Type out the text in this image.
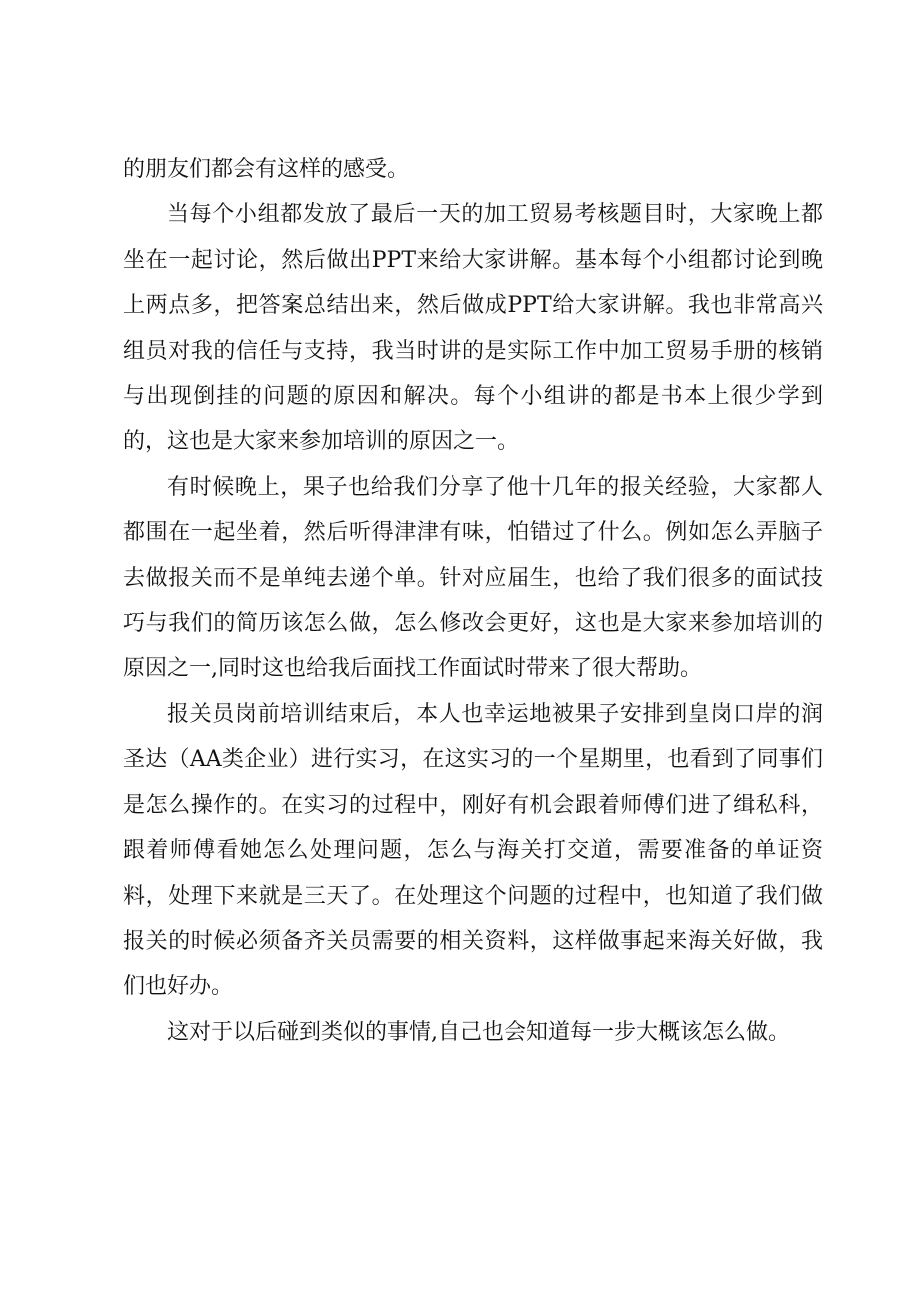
的朋友们都会有这样的感受。

当每个小组都发放了最后一天的加工贸易考核题目时，大家晚上都坐在一起讨论，然后做出PPT来给大家讲解。基本每个小组都讨论到晚上两点多，把答案总结出来，然后做成PPT给大家讲解。我也非常高兴组员对我的信任与支持，我当时讲的是实际工作中加工贸易手册的核销与出现倒挂的问题的原因和解决。每个小组讲的都是书本上很少学到的，这也是大家来参加培训的原因之一。

有时候晚上，果子也给我们分享了他十几年的报关经验，大家都人都围在一起坐着，然后听得津津有味，怕错过了什么。例如怎么弄脑子去做报关而不是单纯去递个单。针对应届生，也给了我们很多的面试技巧与我们的简历该怎么做，怎么修改会更好，这也是大家来参加培训的原因之一,同时这也给我后面找工作面试时带来了很大帮助。

报关员岗前培训结束后，本人也幸运地被果子安排到皇岗口岸的润圣达（AA类企业）进行实习，在这实习的一个星期里，也看到了同事们是怎么操作的。在实习的过程中，刚好有机会跟着师傅们进了缉私科，跟着师傅看她怎么处理问题，怎么与海关打交道，需要准备的单证资料，处理下来就是三天了。在处理这个问题的过程中，也知道了我们做报关的时候必须备齐关员需要的相关资料，这样做事起来海关好做，我们也好办。

这对于以后碰到类似的事情,自己也会知道每一步大概该怎么做。
